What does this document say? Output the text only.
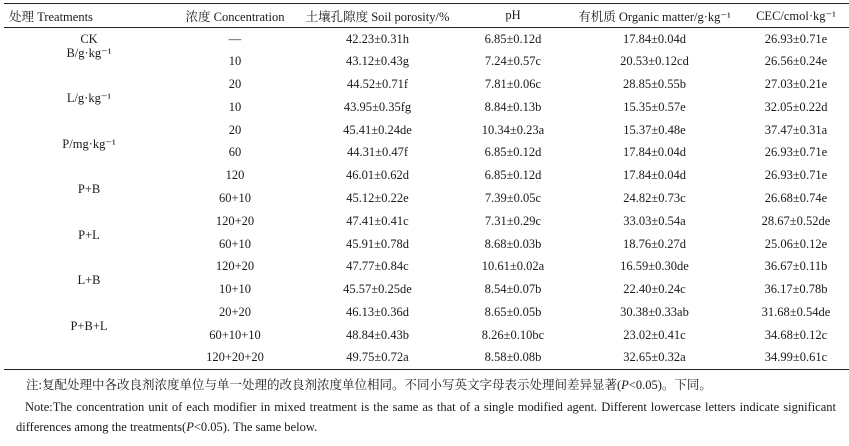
处理 Treatments	浓度 Concentration	土壤孔隙度 Soil porosity/%	pH	有机质 Organic matter/g·kg⁻¹	CEC/cmol·kg⁻¹
CK	—	42.23±0.31h	6.85±0.12d	17.84±0.04d	26.93±0.71e
B/g·kg⁻¹	10	43.12±0.43g	7.24±0.57c	20.53±0.12cd	26.56±0.24e
	20	44.52±0.71f	7.81±0.06c	28.85±0.55b	27.03±0.21e
L/g·kg⁻¹	10	43.95±0.35fg	8.84±0.13b	15.35±0.57e	32.05±0.22d
	20	45.41±0.24de	10.34±0.23a	15.37±0.48e	37.47±0.31a
P/mg·kg⁻¹	60	44.31±0.47f	6.85±0.12d	17.84±0.04d	26.93±0.71e
	120	46.01±0.62d	6.85±0.12d	17.84±0.04d	26.93±0.71e
P+B	60+10	45.12±0.22e	7.39±0.05c	24.82±0.73c	26.68±0.74e
	120+20	47.41±0.41c	7.31±0.29c	33.03±0.54a	28.67±0.52de
P+L	60+10	45.91±0.78d	8.68±0.03b	18.76±0.27d	25.06±0.12e
	120+20	47.77±0.84c	10.61±0.02a	16.59±0.30de	36.67±0.11b
L+B	10+10	45.57±0.25de	8.54±0.07b	22.40±0.24c	36.17±0.78b
	20+20	46.13±0.36d	8.65±0.05b	30.38±0.33ab	31.68±0.54de
P+B+L	60+10+10	48.84±0.43b	8.26±0.10bc	23.02±0.41c	34.68±0.12c
	120+20+20	49.75±0.72a	8.58±0.08b	32.65±0.32a	34.99±0.61c

注:复配处理中各改良剂浓度单位与单一处理的改良剂浓度单位相同。不同小写英文字母表示处理间差异显著(P<0.05)。下同。

Note:The concentration unit of each modifier in mixed treatment is the same as that of a single modified agent. Different lowercase letters indicate significant differences among the treatments(P<0.05). The same below.
